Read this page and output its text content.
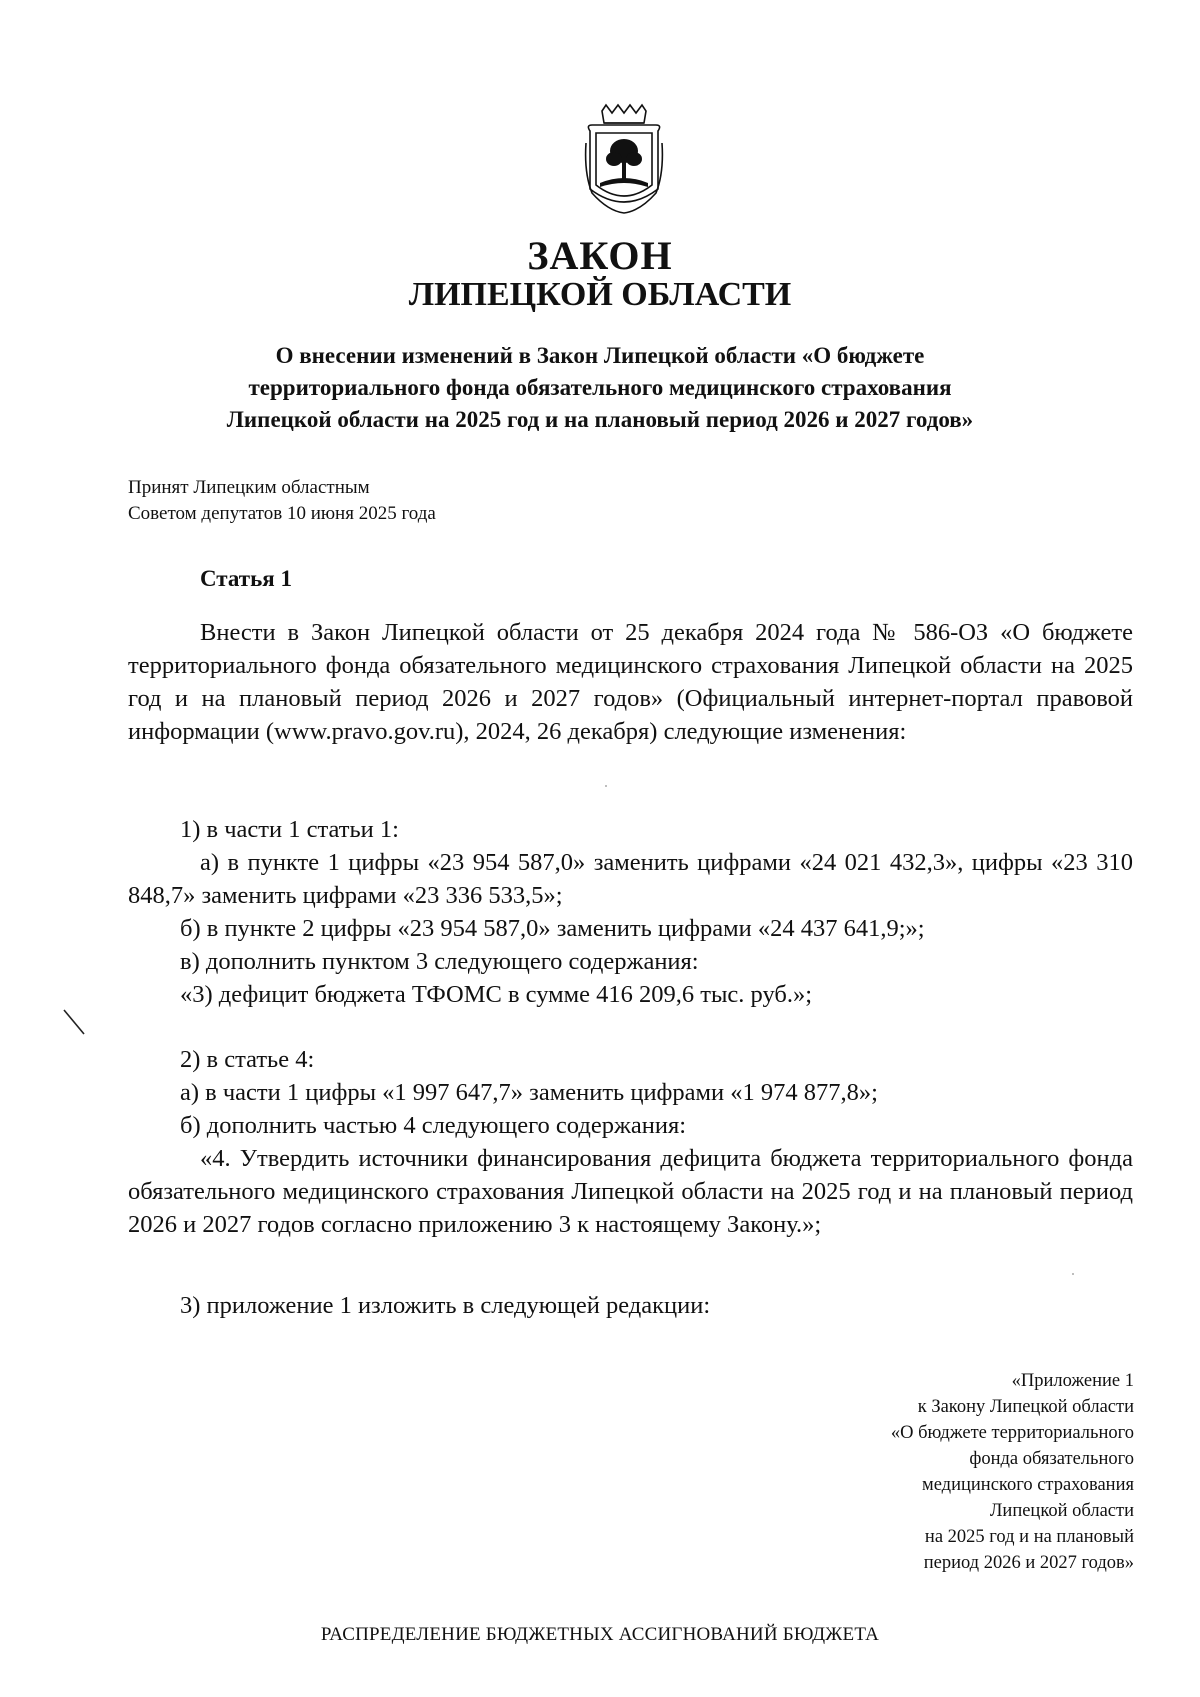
ЗАКОН
ЛИПЕЦКОЙ ОБЛАСТИ
О внесении изменений в Закон Липецкой области «О бюджете
территориального фонда обязательного медицинского страхования
Липецкой области на 2025 год и на плановый период 2026 и 2027 годов»
Принят Липецким областным
Советом депутатов 10 июня 2025 года
Статья 1
Внести в Закон Липецкой области от 25 декабря 2024 года № 586-ОЗ «О бюджете территориального фонда обязательного медицинского страхования Липецкой области на 2025 год и на плановый период 2026 и 2027 годов» (Официальный интернет-портал правовой информации (www.pravo.gov.ru), 2024, 26 декабря) следующие изменения:
1) в части 1 статьи 1:
а) в пункте 1 цифры «23 954 587,0» заменить цифрами «24 021 432,3», цифры «23 310 848,7» заменить цифрами «23 336 533,5»;
б) в пункте 2 цифры «23 954 587,0» заменить цифрами «24 437 641,9;»;
в) дополнить пунктом 3 следующего содержания:
«3) дефицит бюджета ТФОМС в сумме 416 209,6 тыс. руб.»;
2) в статье 4:
а) в части 1 цифры «1 997 647,7» заменить цифрами «1 974 877,8»;
б) дополнить частью 4 следующего содержания:
«4. Утвердить источники финансирования дефицита бюджета территориального фонда обязательного медицинского страхования Липецкой области на 2025 год и на плановый период 2026 и 2027 годов согласно приложению 3 к настоящему Закону.»;
3) приложение 1 изложить в следующей редакции:
«Приложение 1
к Закону Липецкой области
«О бюджете территориального
фонда обязательного
медицинского страхования
Липецкой области
на 2025 год и на плановый
период 2026 и 2027 годов»
РАСПРЕДЕЛЕНИЕ БЮДЖЕТНЫХ АССИГНОВАНИЙ БЮДЖЕТА
